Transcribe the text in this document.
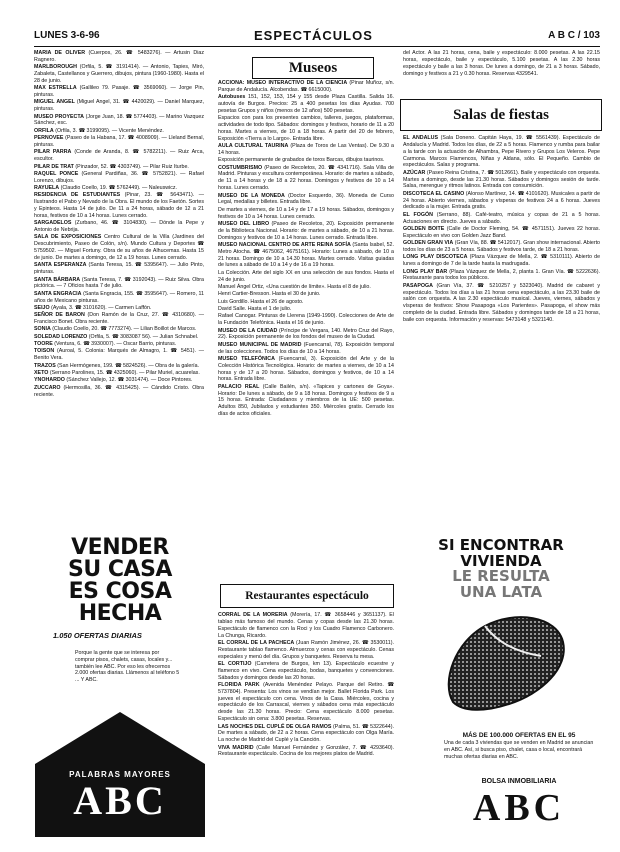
LUNES 3-6-96	ESPECTÁCULOS	A B C / 103
MARIA DE OLIVER (Cuerpos, 26. ☎ 5483276). — Artusin Diaz Ragnero.
MARLBOROUGH (Orfila, 5. ☎ 3191414). — Antonio, Tapies, Miró, Zabaleta, Castellanos y Guerrero, dibujos, pintura (1960-1980). Hasta el 28 de junio.
MAX ESTRELLA (Gallileo 79. Pasaje. ☎ 3569060). — Jorge Pin, pinturas.
MIGUEL ANGEL (Miguel Angel, 31. ☎ 4420029). — Daniel Marquez, pinturas.
MUSEO PROYECTA (Jorge Juan, 18. ☎ 5774403). — Marino Vazquez Sánchez, esc.
ORFILA (Orfila, 3. ☎ 3199095). — Vicente Menéndez.
PERNOVEE (Paseo de la Habana, 17. ☎ 4008909). — Lleland Bernal, pinturas.
PILAR PARRA (Conde de Aranda, 8. ☎ 5782211). — Ruiz Arca, escultor.
PILAR DE TRAT (Pinzador, 52. ☎ 4303749). — Pilar Ruiz Iturbe.
RAQUEL PONCE (General Pardiñas, 36. ☎ 5752821). — Rafael Lorenzo, dibujos.
RAYUELA (Claudio Coello, 19. ☎ 5762449). — Naleuswicz.
RESIDENCIA DE ESTUDIANTES (Pinar, 23. ☎ 5643471). — Ilustrando el Pabo y Nevado de la Obra. El mundo de los Faetón. Sortes y Epinteos. Hasta 14 de julio. De 11 a 24 horas, sábado de 12 a 21 horas, festivos de 10 a 14 horas. Lunes cerrado.
SARGADELOS (Zurbano, 46. ☎ 3104830). — Dónde la Pepe y Antonio de Nebrija.
SALA DE EXPOSICIONES Centro Cultural de la Villa (Jardines del Descubrimiento, Paseo de Colón, s/n). Mundo Cultura y Deportes ☎ 5759502. — Miguel Fortuny. Obra de su años de Alhucemas. Hasta 15 de junio. De martes a domingo, de 12 a 19 horas. Lunes cerrado.
SANTA ESPERANZA (Santa Teresa, 15. ☎ 5395647). — Julio Pinto, pinturas.
SANTA BÁRBARA (Santa Teresa, 7. ☎ 3192043). — Ruiz Silva. Obra pictórica. — 7 Oficios hasta 7 de julio.
SANTA ENGRACIA (Santa Engracia, 155. ☎ 3595647). — Romero, 11 años de Mexicano pinturas.
SEIJO (Ayala, 3. ☎ 3101620). — Carmen Laffón.
SEÑOR DE BARON (Don Ramón de la Cruz, 27. ☎ 4310680). — Francisco Bonet. Obra reciente.
SONIA (Claudio Coello, 20. ☎ 7773274). — Lilian Boillot de Marcos.
SOLEDAD LORENZO (Orfila, 5. ☎ 3083087 56). — Julian Schnabel.
TOORE (Ventura, 6. ☎ 3930007). — Oscar Barrio, pinturas.
TOISON (Auroal, 5. Colonia: Marqués de Almagro, 1. ☎ 5451). — Benito Vera.
TRAZOS (San Hermógenes, 199. ☎ 5824526). — Obra de la galería.
XETO (Serrano Parolines, 15. ☎ 4325060). — Pilar Muriel, acuarelas.
YNOHARDO (Sánchez Vallejo, 12. ☎ 3031474). — Doce Pintores.
ZUCCARO (Hermosilla, 36. ☎ 4315425). — Cándido Cristo. Obra reciente.
Museos
ACCIONA: MUSEO INTERACTIVO DE LA CIENCIA (Pinar Muñoz, s/n. Parque de Andalucía. Alcobendas. ☎ 6615000).
Autobuses 151, 152, 153, 154 y 155 desde Plaza Castilla. Salida 16. autovía de Burgos. Precios: 25 a 400 pesetas los días Ayudas. 700 pesetas Grupos y niños (menos de 12 años) 500 pesetas.
Espacios con para los presentes cambios, talleres, juegos, plataformas, actividades de todo tipo. Sábados: domingos y festivos, horario de 11 a 20 horas. Martes a viernes, de 10 a 18 horas. A partir del 20 de febrero, Exposición «Tierra a lo Largo». Entrada libre.
AULA CULTURAL TAURINA (Plaza de Toros de Las Ventas). De 9.30 a 14 horas.
Exposición permanente de grabados de toros Barcas, dibujos taurinos.
COSTUMBRISMO (Paseo de Recoletos, 20. ☎ 4341716). Sala Villa de Madrid. Pinturas y escultura contemporánea. Horario: de martes a sábado, de 11 a 14 horas y de 18 a 22 horas. Domingos y festivos de 10 a 14 horas. Lunes cerrado.
MUSEO DE LA MONEDA (Doctor Esquerdo, 36). Moneda de Curso Legal, medallas y billetes. Entrada libre.
De martes a viernes, de 10 a 14 y de 17 a 19 horas. Sábados, domingos y festivos de 10 a 14 horas. Lunes cerrado.
MUSEO DEL LIBRO (Paseo de Recoletos, 20). Exposición permanente de la Biblioteca Nacional. Horario: de martes a sábado, de 10 a 21 horas. Domingos y festivos de 10 a 14 horas. Lunes cerrado. Entrada libre.
MUSEO NACIONAL CENTRO DE ARTE REINA SOFÍA (Santa Isabel, 52. Metro Atocha. ☎ 4675062, 4675161). Horario: Lunes a sábado, de 10 a 21 horas. Domingo de 10 a 14.30 horas. Martes cerrado. Visitas guiadas de lunes a sábado de 10 a 14 y de 16 a 19 horas.
La Colección. Arte del siglo XX en una selección de sus fondos. Hasta el 24 de junio.
Manuel Ángel Ortiz, «Una cuestión de límite». Hasta el 8 de julio.
Henri Cartier-Bresson. Hasta el 30 de junio.
Luis Gordillo. Hasta el 26 de agosto.
David Salle. Hasta el 1 de julio.
Rafael Canogar. Pinturas de Llerena (1949-1990). Colecciones de Arte de la Fundación Telefónica. Hasta el 16 de junio.
MUSEO DE LA CIUDAD (Príncipe de Vergara, 140. Metro Cruz del Rayo, 22). Exposición permanente de los fondos del museo de la Ciudad.
MUSEO MUNICIPAL DE MADRID (Fuencarral, 78). Exposición temporal de las colecciones. Todos los días de 10 a 14 horas.
MUSEO TELEFÓNICA (Fuencarral, 3). Exposición del Arte y de la Colección Histórica Tecnológica. Horario: de martes a viernes, de 10 a 14 horas y de 17 a 20 horas. Sábados, domingos y festivos, de 10 a 14 horas. Entrada libre.
PALACIO REAL (Calle Bailén, s/n). «Tapices y cartones de Goya». Horario: De lunes a sábado, de 9 a 18 horas. Domingos y festivos de 9 a 15 horas. Entrada: Ciudadanos y miembros de la UE: 500 pesetas. Adultos 850, Jubilados y estudiantes 350. Miércoles gratis. Cerrado los días de actos oficiales.
Restaurantes espectáculo
CORRAL DE LA MORERÍA (Morería, 17. ☎ 3658446 y 3651137). El tablao más famoso del mundo. Cenas y copas desde las 21.30 horas. Espectáculo de flamenco con la Roci y los Cuadro Flamenco Carbonero. La Chunga, Ricardo.
EL CORRAL DE LA PACHECA (Juan Ramón Jiménez, 26. ☎ 3530011). Restaurante tablao flamenco. Almuerzos y cenas con espectáculo. Cenas especiales y menú del día. Grupos y banquetes. Reserva tu mesa.
EL CORTIJO (Carretera de Burgos, km 13). Espectáculo ecuestre y flamenco en vivo. Cena espectáculo, bodas, banquetes y convenciones. Sábados y domingos desde las 20 horas.
FLORIDA PARK (Avenida Menéndez Pelayo. Parque del Retiro. ☎ 5737804). Presenta: Los vinos se vendían mejor. Ballet Florida Park. Los jueves el espectáculo con cena. Vinos de la Casa. Miércoles, cocina y espectáculo de los Carrascal, viernes y sábados cena más espectáculo desde las 21.30 horas. Precio: Cena espectáculo 8.000 pesetas. Espectáculo sin cena: 3.800 pesetas. Reservas.
LAS NOCHES DEL CUPLÉ DE OLGA RAMOS (Palma, 51. ☎ 5322644). De martes a sábado, de 22 a 2 horas. Cena espectáculo con Olga María. La noche de Madrid del Cuplé y la Canción.
VIVA MADRID (Calle Manuel Fernández y González, 7. ☎ 4293640). Restaurante espectáculo. Cocina de los mejores platos de Madrid.
del Actor. A las 21 horas, cena, baile y espectáculo: 8.000 pesetas. A las 22.15 horas, espectáculo, baile y espectáculo, 5.100 pesetas. A las 2.30 horas espectáculo y baile a las 3 horas. De lunes a domingo, de 21 a 3 horas. Sábado, domingo y festivos a 21 y 0.30 horas. Reservas 4329541.
Salas de fiestas
EL ANDALUS (Sala Doneno. Capitán Haya, 19. ☎ 5561439). Espectáculo de Andalucía y Madrid. Todos los días, de 22 a 5 horas. Flamenco y rumba para bailar a la tarde con la actuación de Alhambra, Pepe Rivero y Grupos Los Veleros. Pepe Carmona. Marcos Flamencos, Niñas y Aldana, sólo. El Pequeño. Cambio de espectáculos. Salas y programa.
AZÚCAR (Paseo Reina Cristina, 7. ☎ 5012661). Baile y espectáculo con orquesta. Martes a domingo, desde las 21.30 horas. Sábados y domingos sesión de tarde. Salsa, merengue y ritmos latinos. Entrada con consumición.
DISCOTECA EL CASINO (Alonso Martínez, 14. ☎ 4101620). Musicales a partir de 24 horas. Abierto viernes, sábados y vísperas de festivos 24 a 6 horas. Jueves dedicado a la mujer. Entrada gratis.
EL FOGÓN (Serrano, 88). Café-teatro, música y copas de 21 a 5 horas. Actuaciones en directo. Jueves a sábado.
GOLDEN BOITE (Calle de Doctor Fleming, 54. ☎ 4571151). Jueves 22 horas. Espectáculo en vivo con Golden Jazz Band.
GOLDEN GRAN VIA (Gran Vía, 88. ☎ 5412017). Gran show internacional. Abierto todos los días de 23 a 5 horas. Sábados y festivos tarde, de 18 a 21 horas.
LONG PLAY DISCOTECA (Plaza Vázquez de Mella, 2. ☎ 5310111). Abierto de lunes a domingo de 7 de la tarde hasta la madrugada.
LONG PLAY BAR (Plaza Vázquez de Mella, 2, planta 1. Gran Vía. ☎ 5222636). Restaurante para todos los públicos.
PASAPOGA (Gran Vía, 37. ☎ 5210257 y 5323040). Madrid de cabaret y espectáculo. Todos los días a las 21 horas cena espectáculo, a las 23.30 baile de salón con orquesta. A las 2.30 espectáculo musical. Jueves, viernes, sábados y vísperas de festivos: Show Pasapoga «Los Parientes». Pasapoga, el show más completo de la ciudad. Entrada libre. Sábados y domingos tarde de 18 a 21 horas, baile con orquesta. Información y reservas: 5473148 y 5321140.
VENDER
SU CASA
ES COSA
HECHA
1.050 OFERTAS DIARIAS
Porque la gente que se interesa por comprar pisos, chalets, casas, locales y... también lee ABC. Por eso les ofrecemos 2.000 ofertas diarias. Llámenos al teléfono 5 ... Y ABC.
PALABRAS MAYORES
ABC
SI ENCONTRAR
VIVIENDA
LE RESULTA
UNA LATA
MÁS DE 100.000 OFERTAS EN EL 95
Una de cada 3 viviendas que se venden en Madrid se anuncian en ABC. Así, si busca piso, chalet, casa o local, encontrará muchas ofertas diarias en ABC.
BOLSA INMOBILIARIA
ABC
